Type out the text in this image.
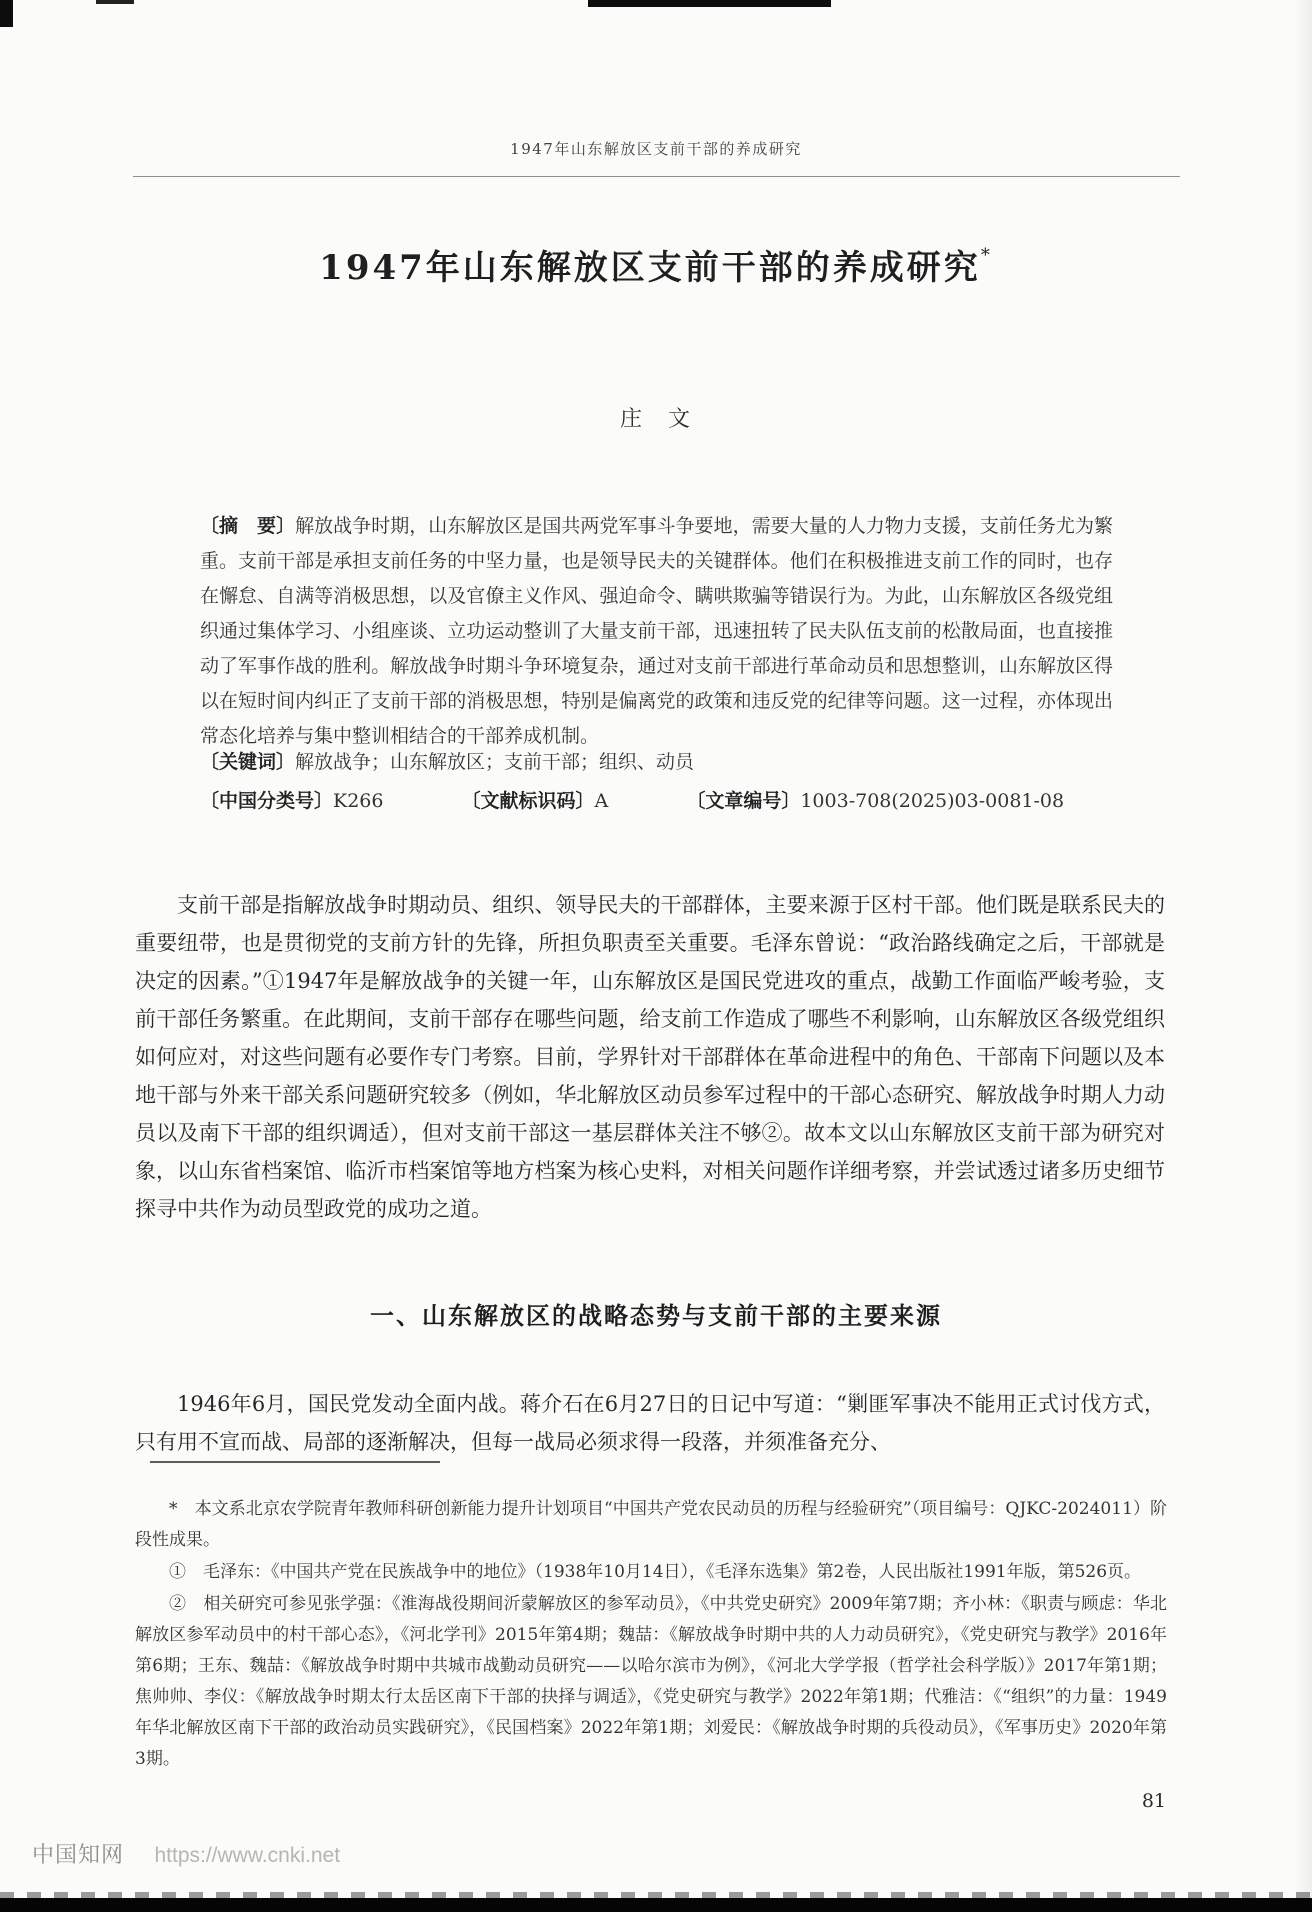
1947年山东解放区支前干部的养成研究
1947年山东解放区支前干部的养成研究*
庄　文

〔摘　要〕解放战争时期，山东解放区是国共两党军事斗争要地，需要大量的人力物力支援，支前任务尤为繁重。支前干部是承担支前任务的中坚力量，也是领导民夫的关键群体。他们在积极推进支前工作的同时，也存在懈怠、自满等消极思想，以及官僚主义作风、强迫命令、瞒哄欺骗等错误行为。为此，山东解放区各级党组织通过集体学习、小组座谈、立功运动整训了大量支前干部，迅速扭转了民夫队伍支前的松散局面，也直接推动了军事作战的胜利。解放战争时期斗争环境复杂，通过对支前干部进行革命动员和思想整训，山东解放区得以在短时间内纠正了支前干部的消极思想，特别是偏离党的政策和违反党的纪律等问题。这一过程，亦体现出常态化培养与集中整训相结合的干部养成机制。

〔关键词〕解放战争；山东解放区；支前干部；组织、动员
〔中国分类号〕K266	〔文献标识码〕A	〔文章编号〕1003-708(2025)03-0081-08

支前干部是指解放战争时期动员、组织、领导民夫的干部群体，主要来源于区村干部。他们既是联系民夫的重要纽带，也是贯彻党的支前方针的先锋，所担负职责至关重要。毛泽东曾说：“政治路线确定之后，干部就是决定的因素。”①1947年是解放战争的关键一年，山东解放区是国民党进攻的重点，战勤工作面临严峻考验，支前干部任务繁重。在此期间，支前干部存在哪些问题，给支前工作造成了哪些不利影响，山东解放区各级党组织如何应对，对这些问题有必要作专门考察。目前，学界针对干部群体在革命进程中的角色、干部南下问题以及本地干部与外来干部关系问题研究较多（例如，华北解放区动员参军过程中的干部心态研究、解放战争时期人力动员以及南下干部的组织调适），但对支前干部这一基层群体关注不够②。故本文以山东解放区支前干部为研究对象，以山东省档案馆、临沂市档案馆等地方档案为核心史料，对相关问题作详细考察，并尝试透过诸多历史细节探寻中共作为动员型政党的成功之道。

一、山东解放区的战略态势与支前干部的主要来源

1946年6月，国民党发动全面内战。蒋介石在6月27日的日记中写道：“剿匪军事决不能用正式讨伐方式，只有用不宣而战、局部的逐渐解决，但每一战局必须求得一段落，并须准备充分、

*　 本文系北京农学院青年教师科研创新能力提升计划项目“中国共产党农民动员的历程与经验研究”（项目编号：QJKC-2024011）阶段性成果。

①　 毛泽东：《中国共产党在民族战争中的地位》（1938年10月14日），《毛泽东选集》第2卷，人民出版社1991年版，第526页。

②　 相关研究可参见张学强：《淮海战役期间沂蒙解放区的参军动员》，《中共党史研究》2009年第7期；齐小林：《职责与顾虑：华北解放区参军动员中的村干部心态》，《河北学刊》2015年第4期；魏喆：《解放战争时期中共的人力动员研究》，《党史研究与教学》2016年第6期；王东、魏喆：《解放战争时期中共城市战勤动员研究——以哈尔滨市为例》，《河北大学学报（哲学社会科学版）》2017年第1期；焦帅帅、李仪：《解放战争时期太行太岳区南下干部的抉择与调适》，《党史研究与教学》2022年第1期；代雅洁：《“组织”的力量：1949年华北解放区南下干部的政治动员实践研究》，《民国档案》2022年第1期；刘爱民：《解放战争时期的兵役动员》，《军事历史》2020年第3期。

81
中国知网 https://www.cnki.net
